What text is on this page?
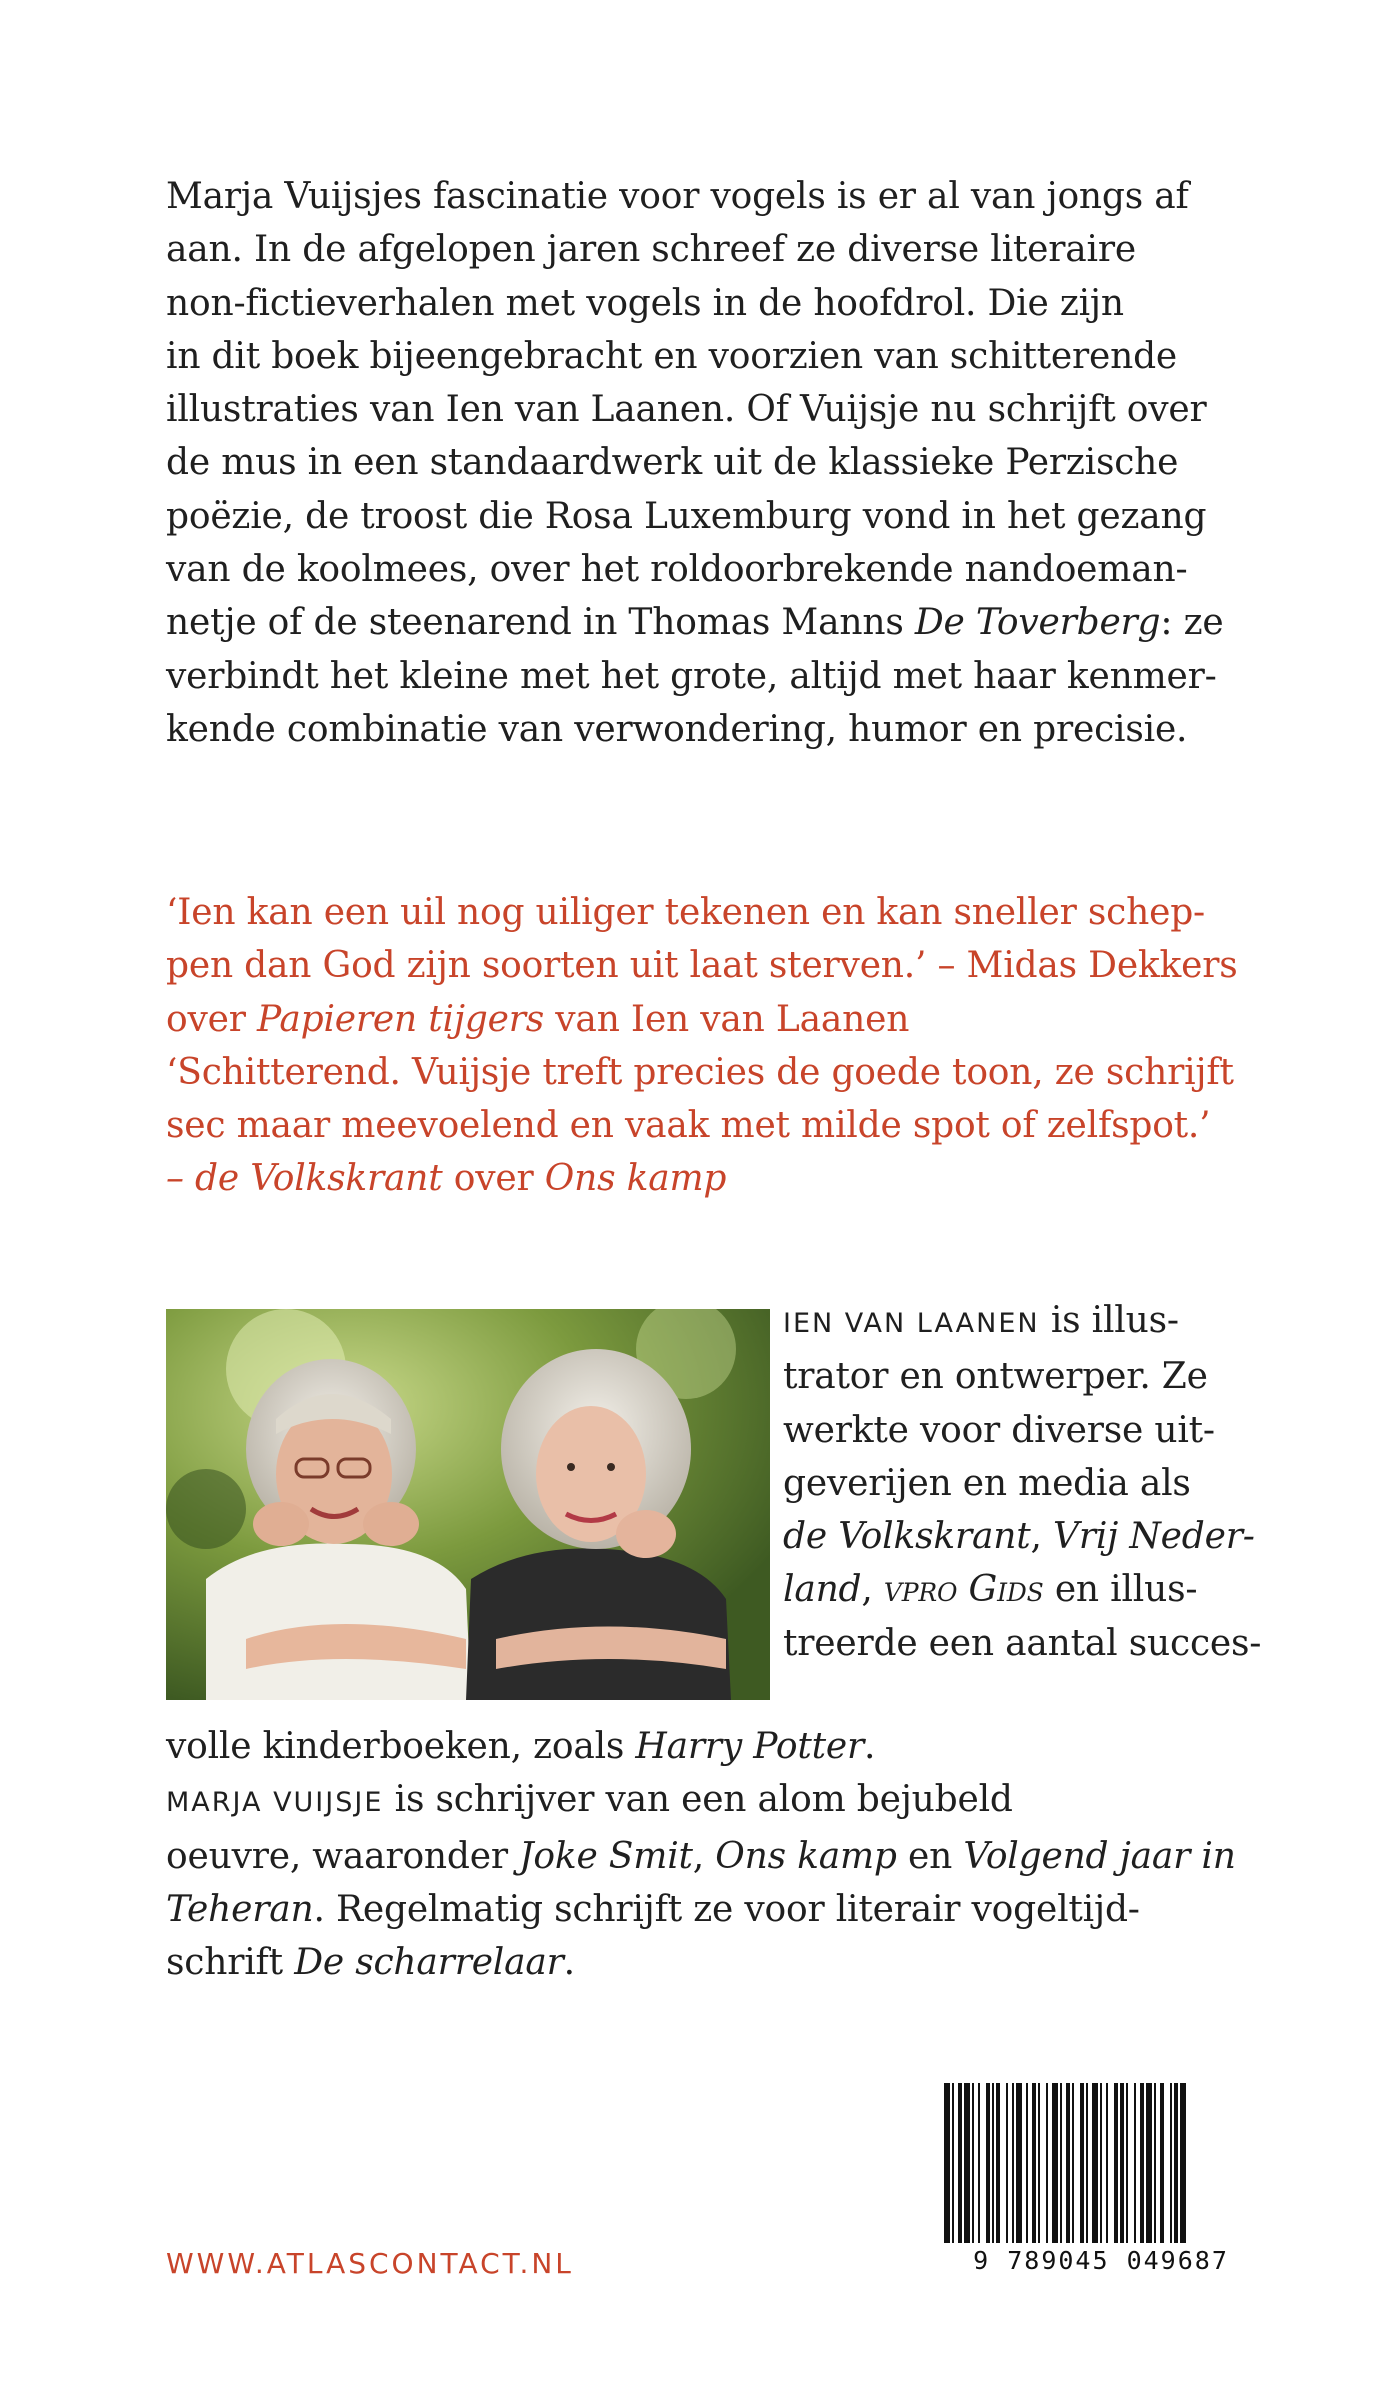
Marja Vuijsjes fascinatie voor vogels is er al van jongs af
aan. In de afgelopen jaren schreef ze diverse literaire
non-fictieverhalen met vogels in de hoofdrol. Die zijn
in dit boek bijeengebracht en voorzien van schitterende
illustraties van Ien van Laanen. Of Vuijsje nu schrijft over
de mus in een standaardwerk uit de klassieke Perzische
poëzie, de troost die Rosa Luxemburg vond in het gezang
van de koolmees, over het roldoorbrekende nandoeman-
netje of de steenarend in Thomas Manns De Toverberg: ze
verbindt het kleine met het grote, altijd met haar kenmer-
kende combinatie van verwondering, humor en precisie.
‘Ien kan een uil nog uiliger tekenen en kan sneller schep-
pen dan God zijn soorten uit laat sterven.’ – Midas Dekkers
over Papieren tijgers van Ien van Laanen
‘Schitterend. Vuijsje treft precies de goede toon, ze schrijft
sec maar meevoelend en vaak met milde spot of zelfspot.’
– de Volkskrant over Ons kamp
IEN VAN LAANEN is illus-
trator en ontwerper. Ze
werkte voor diverse uit-
geverijen en media als
de Volkskrant, Vrij Neder-
land, vpro Gids en illus-
treerde een aantal succes-
volle kinderboeken, zoals Harry Potter.
MARJA VUIJSJE is schrijver van een alom bejubeld
oeuvre, waaronder Joke Smit, Ons kamp en Volgend jaar in
Teheran. Regelmatig schrijft ze voor literair vogeltijd-
schrift De scharrelaar.
WWW.ATLASCONTACT.NL	9 789045 049687
